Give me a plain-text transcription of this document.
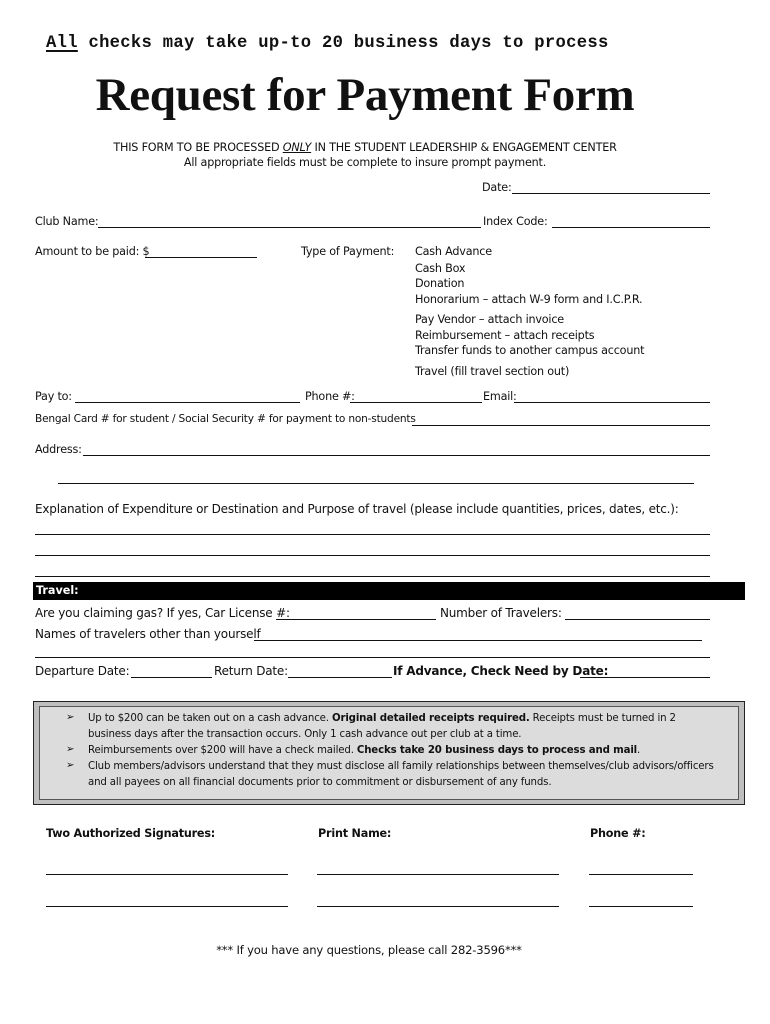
All checks may take up-to 20 business days to process
Request for Payment Form
THIS FORM TO BE PROCESSED ONLY IN THE STUDENT LEADERSHIP & ENGAGEMENT CENTER
All appropriate fields must be complete to insure prompt payment.
Date:
Club Name:	Index Code:
Amount to be paid: $	Type of Payment: Cash Advance
Cash Box
Donation
Honorarium – attach W-9 form and I.C.P.R.
Pay Vendor – attach invoice
Reimbursement – attach receipts
Transfer funds to another campus account
Travel (fill travel section out)
Pay to:	Phone #:	Email:
Bengal Card # for student / Social Security # for payment to non-students
Address:
Explanation of Expenditure or Destination and Purpose of travel (please include quantities, prices, dates, etc.):
Travel:
Are you claiming gas? If yes, Car License #:	Number of Travelers:
Names of travelers other than yourself
Departure Date:	Return Date:	If Advance, Check Need by Date:
➢ Up to $200 can be taken out on a cash advance. Original detailed receipts required. Receipts must be turned in 2 business days after the transaction occurs. Only 1 cash advance out per club at a time.
➢ Reimbursements over $200 will have a check mailed. Checks take 20 business days to process and mail.
➢ Club members/advisors understand that they must disclose all family relationships between themselves/club advisors/officers and all payees on all financial documents prior to commitment or disbursement of any funds.
Two Authorized Signatures:	Print Name:	Phone #:
*** If you have any questions, please call 282-3596***
